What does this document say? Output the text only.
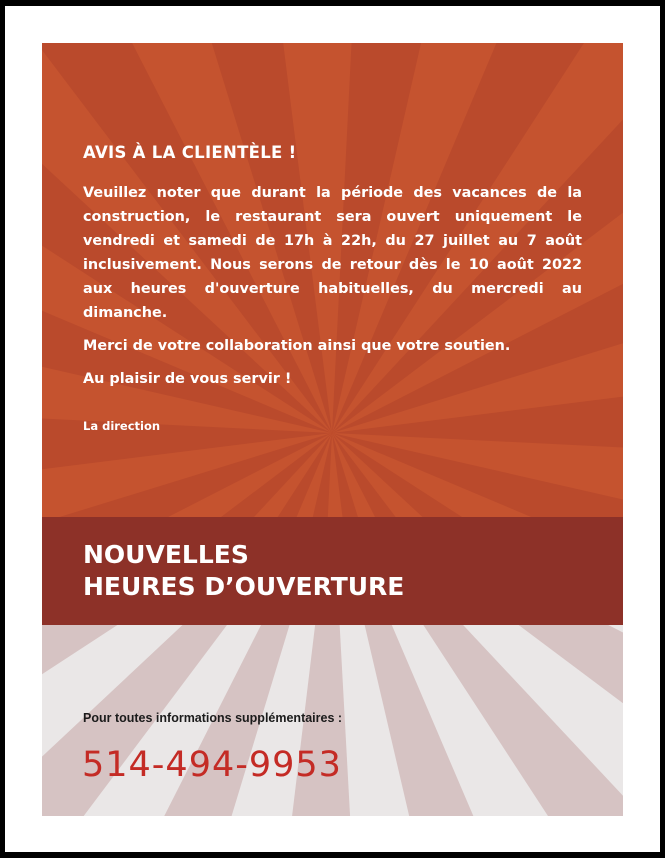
AVIS À LA CLIENTÈLE !
Veuillez noter que durant la période des vacances de la construction, le restaurant sera ouvert uniquement le vendredi et samedi de 17h à 22h, du 27 juillet au 7 août inclusivement. Nous serons de retour dès le 10 août 2022 aux heures d'ouverture habituelles, du mercredi au dimanche.
Merci de votre collaboration ainsi que votre soutien.
Au plaisir de vous servir !
La direction
NOUVELLES
HEURES D’OUVERTURE
Pour toutes informations supplémentaires :
514-494-9953
